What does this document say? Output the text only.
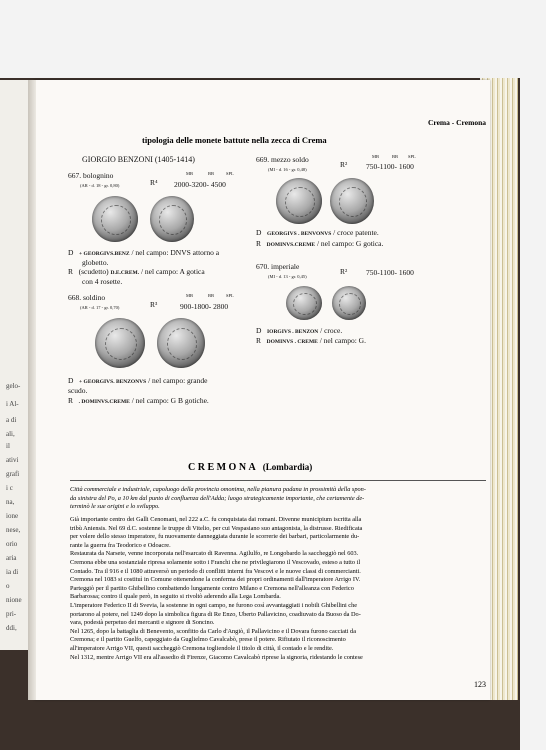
gelo-
i Al-
a di
ali,
il
ativi
grafi
i c
na,
ione
nese,
orio
aria
ia di
o
nione
pri-
ddi,
Crema - Cremona
tipologia delle monete battute nella zecca di Crema
GIORGIO BENZONI (1405-1414)
667. bolognino
(AR - d. 18 - gr. 0,80)	R⁴
MB	BB	SPL
2000-3200- 4500
D + GEORGIVS.BENZ / nel campo: DNVS attorno a
globetto.
R (scudetto) D.E.CREM. / nel campo: A gotica
con 4 rosette.
668. soldino
(AR - d. 17 - gr. 0,70)	R³
MB	BB	SPL
900-1800- 2800
D + GEORGIVS. BENZONVS / nel campo: grande
scudo.
R . DOMINVS.CREME / nel campo: G B gotiche.
669. mezzo soldo
(MI - d. 16 - gr. 0,48)
R²
MB	BB SPL
750-1100- 1600
D GEORGIVS . BENVONVS / croce patente.
R DOMINVS.CREME / nel campo: G gotica.
670. imperiale
(MI - d. 13 - gr. 0,45)
R² 750-1100- 1600
D IORGIVS . BENZON / croce.
R DOMINVS . CREME / nel campo: G.
CREMONA (Lombardia)
Città commerciale e industriale, capoluogo della provincia omonima, nella pianura padana in prossimità della spon-
da sinistra del Po, a 10 km dal punto di confluenza dell'Adda; luogo strategicamente importante, che certamente de-
terminò le sue origini e lo sviluppo.
Già importante centro dei Galli Cenomani, nel 222 a.C. fu conquistata dai romani. Divenne municipium iscritta alla
tribù Aniensis. Nel 69 d.C. sostenne le truppe di Vitelio, per cui Vespasiano suo antagonista, la distrusse. Riedificata
per volere dello stesso imperatore, fu nuovamente danneggiata durante le scorrerie dei barbari, particolarmente du-
rante la guerra fra Teodorico e Odoacre.
Restaurata da Narsete, venne incorporata nell'esarcato di Ravenna. Agilulfo, re Longobardo la saccheggiò nel 603.
Cremona ebbe una sostanziale ripresa solamente sotto i Franchi che ne privilegiarono il Vescovado, esteso a tutto il
Contado. Tra il 916 e il 1080 attraversò un periodo di conflitti interni fra Vescovi e le nuove classi di commercianti.
Cremona nel 1083 si costituì in Comune ottenendone la conferma dei propri ordinamenti dall'imperatore Arrigo IV.
Parteggiò per il partito Ghibellino combattendo lungamente contro Milano e Cremona nell'alleanza con Federico
Barbarossa; contro il quale però, in seguito si rivoltò aderendo alla Lega Lombarda.
L'imperatore Federico II di Svevia, la sostenne in ogni campo, ne furono così avvantaggiati i nobili Ghibellini che
portarono al potere, nel 1249 dopo la simbolica figura di Re Enzo, Uberto Pallavicino, coadiuvato da Buoso da Do-
vara, podestà perpetuo dei mercanti e signore di Soncino.
Nel 1265, dopo la battaglia di Benevento, sconfitto da Carlo d'Angiò, il Pallavicino e il Dovara furono cacciati da
Cremona; e il partito Guelfo, capeggiato da Guglielmo Cavalcabò, prese il potere. Rifiutato il riconoscimento
all'imperatore Arrigo VII, questi saccheggiò Cremona togliendole il titolo di città, il contado e le rendite.
Nel 1312, mentre Arrigo VII era all'assedio di Firenze, Giacomo Cavalcabò riprese la signoria, ridestando le contese
123
